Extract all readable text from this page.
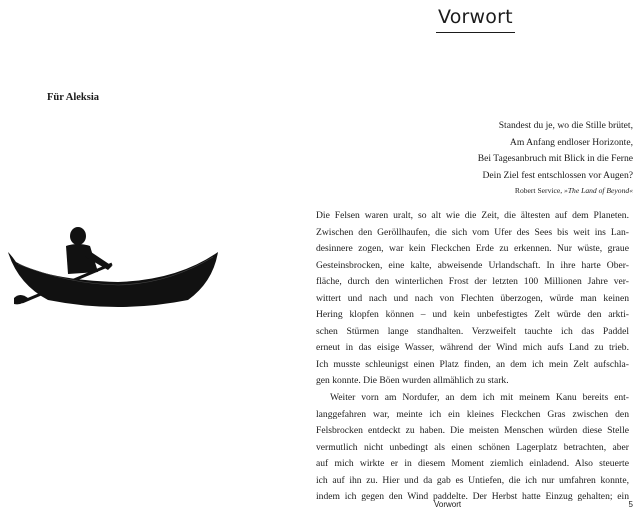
Für Aleksia

Vorwort
Standest du je, wo die Stille brütet,
Am Anfang endloser Horizonte,
Bei Tagesanbruch mit Blick in die Ferne
Dein Ziel fest entschlossen vor Augen?
Robert Service, »The Land of Beyond«
Die Felsen waren uralt, so alt wie die Zeit, die ältesten auf dem Planeten.
Zwischen den Geröllhaufen, die sich vom Ufer des Sees bis weit ins Lan-
desinnere zogen, war kein Fleckchen Erde zu erkennen. Nur wüste, graue
Gesteinsbrocken, eine kalte, abweisende Urlandschaft. In ihre harte Ober-
fläche, durch den winterlichen Frost der letzten 100 Millionen Jahre ver-
wittert und nach und nach von Flechten überzogen, würde man keinen
Hering klopfen können – und kein unbefestigtes Zelt würde den arkti-
schen Stürmen lange standhalten. Verzweifelt tauchte ich das Paddel
erneut in das eisige Wasser, während der Wind mich aufs Land zu trieb.
Ich musste schleunigst einen Platz finden, an dem ich mein Zelt aufschla-
gen konnte. Die Böen wurden allmählich zu stark.
Weiter vorn am Nordufer, an dem ich mit meinem Kanu bereits ent-
langgefahren war, meinte ich ein kleines Fleckchen Gras zwischen den
Felsbrocken entdeckt zu haben. Die meisten Menschen würden diese Stelle
vermutlich nicht unbedingt als einen schönen Lagerplatz betrachten, aber
auf mich wirkte er in diesem Moment ziemlich einladend. Also steuerte
ich auf ihn zu. Hier und da gab es Untiefen, die ich nur umfahren konnte,
indem ich gegen den Wind paddelte. Der Herbst hatte Einzug gehalten; ein
Vorwort	5
